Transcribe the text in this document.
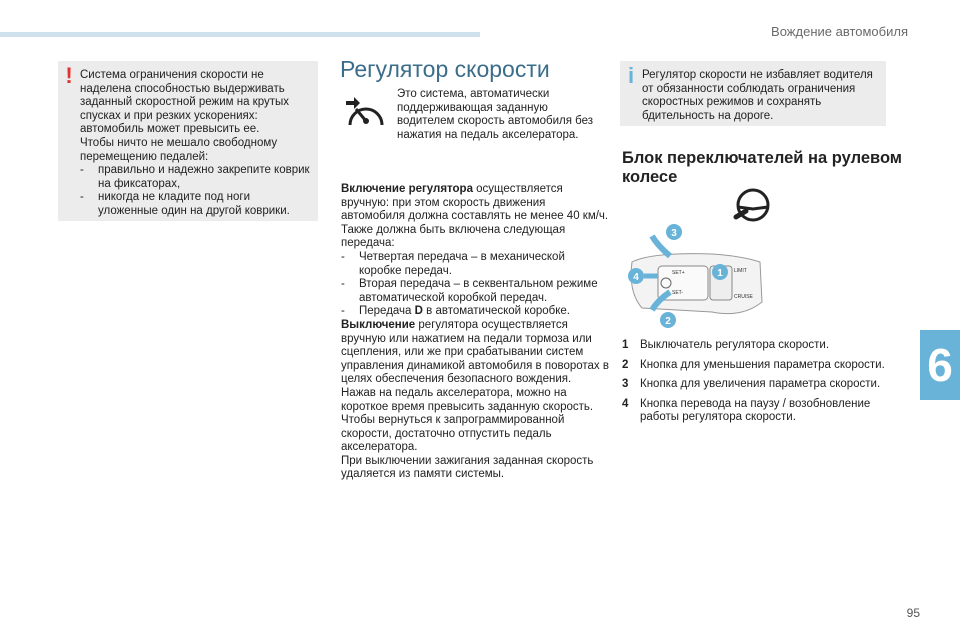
Вождение автомобиля
6
95
! Система ограничения скорости не наделена способностью выдерживать заданный скоростной режим на крутых спусках и при резких ускорениях: автомобиль может превысить ее.
Чтобы ничто не мешало свободному перемещению педалей:
-	правильно и надежно закрепите коврик на фиксаторах,
-	никогда не кладите под ноги уложенные один на другой коврики.
Регулятор скорости
Это система, автоматически поддерживающая заданную водителем скорость автомобиля без нажатия на педаль акселератора.

Включение регулятора осуществляется вручную: при этом скорость движения автомобиля должна составлять не менее 40 км/ч.

Также должна быть включена следующая передача:

-	Четвертая передача – в механической коробке передач.
-	Вторая передача – в секвентальном режиме автоматической коробкой передач.
-	Передача D в автоматической коробке.

Выключение регулятора осуществляется вручную или нажатием на педали тормоза или сцепления, или же при срабатывании систем управления динамикой автомобиля в поворотах в целях обеспечения безопасного вождения.

Нажав на педаль акселератора, можно на короткое время превысить заданную скорость.

Чтобы вернуться к запрограммированной скорости, достаточно отпустить педаль акселератора.

При выключении зажигания заданная скорость удаляется из памяти системы.

i Регулятор скорости не избавляет водителя от обязанности соблюдать ограничения скоростных режимов и сохранять бдительность на дороге.
Блок переключателей на рулевом колесе
SET+
SET-
LIMIT
CRUISE
3
4
2
1
1	Выключатель регулятора скорости.
2	Кнопка для уменьшения параметра скорости.
3	Кнопка для увеличения параметра скорости.
4	Кнопка перевода на паузу / возобновление работы регулятора скорости.
